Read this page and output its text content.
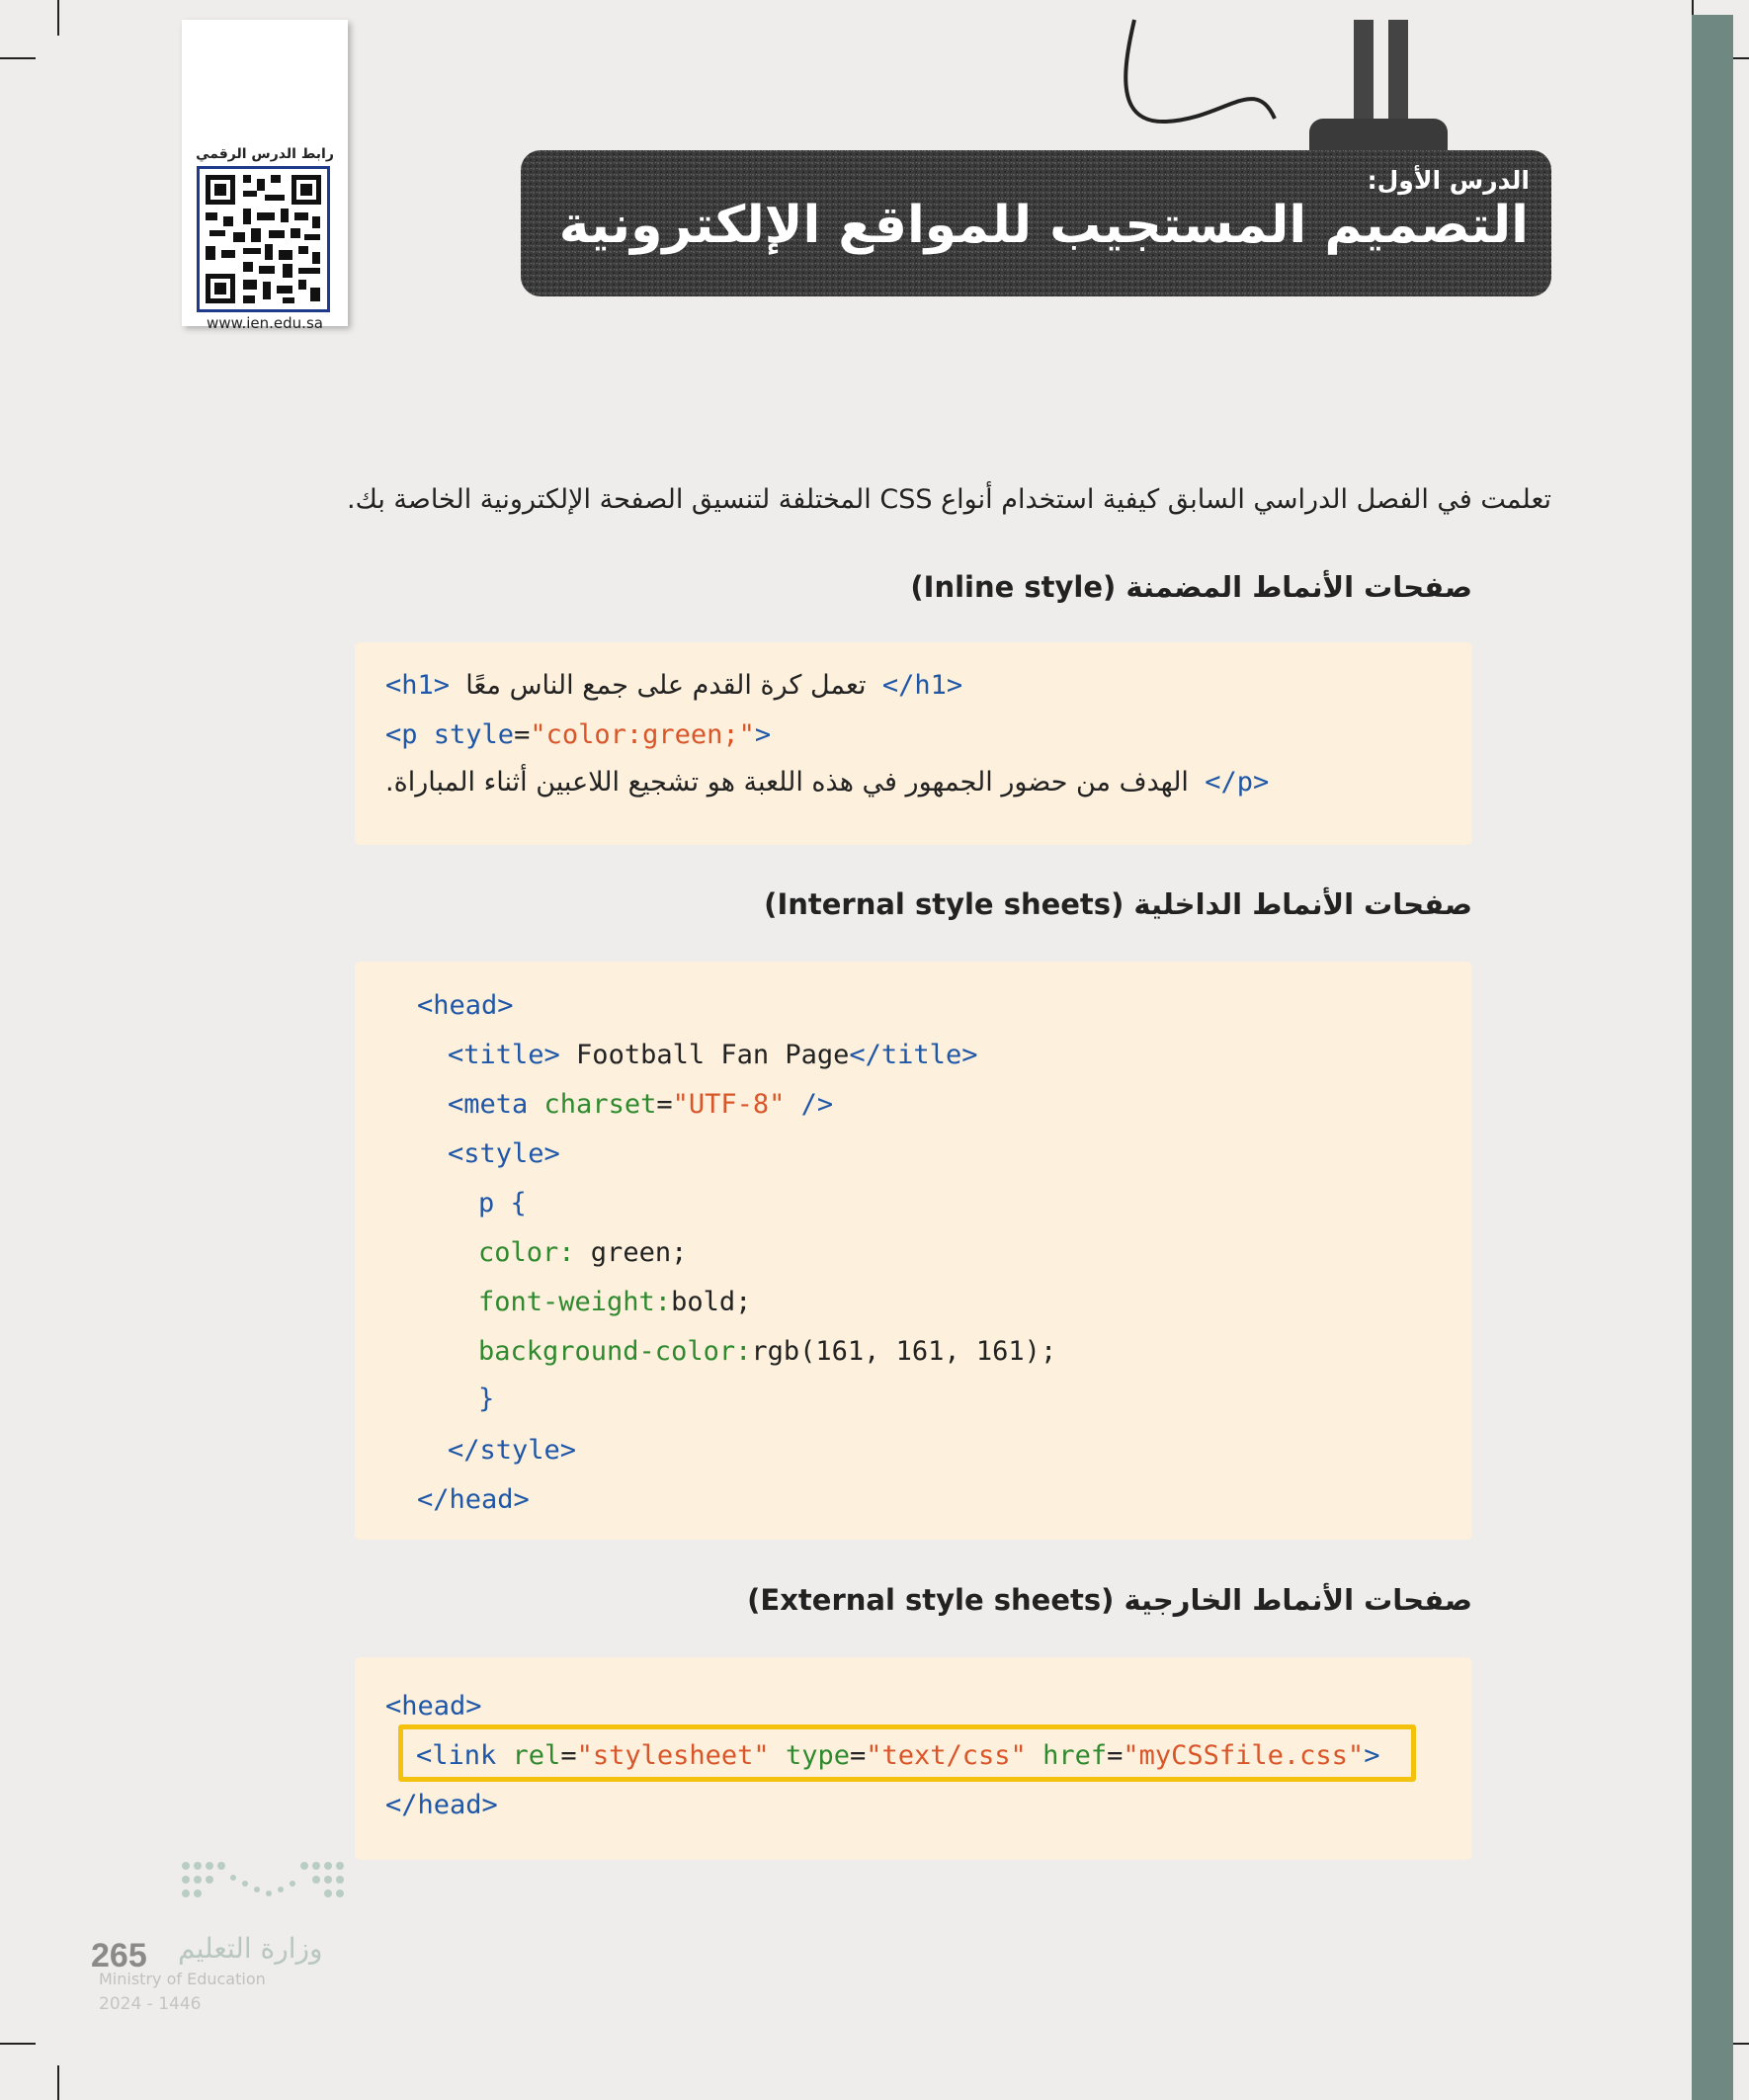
رابط الدرس الرقمي
www.ien.edu.sa
الدرس الأول:
التصميم المستجيب للمواقع الإلكترونية
تعلمت في الفصل الدراسي السابق كيفية استخدام أنواع CSS المختلفة لتنسيق الصفحة الإلكترونية الخاصة بك.
صفحات الأنماط المضمنة (Inline style)
<h1> تعمل كرة القدم على جمع الناس معًا </h1>
<p style="color:green;">
الهدف من حضور الجمهور في هذه اللعبة هو تشجيع اللاعبين أثناء المباراة. </p>
صفحات الأنماط الداخلية (Internal style sheets)
<head>
<title> Football Fan Page</title>
<meta charset="UTF-8" />
<style>
p {
color: green;
font-weight:bold;
background-color:rgb(161, 161, 161);
}
</style>
</head>
صفحات الأنماط الخارجية (External style sheets)
<head>
<link rel="stylesheet" type="text/css" href="myCSSfile.css">
</head>
وزارة التعليم
265
Ministry of Education
2024 - 1446
